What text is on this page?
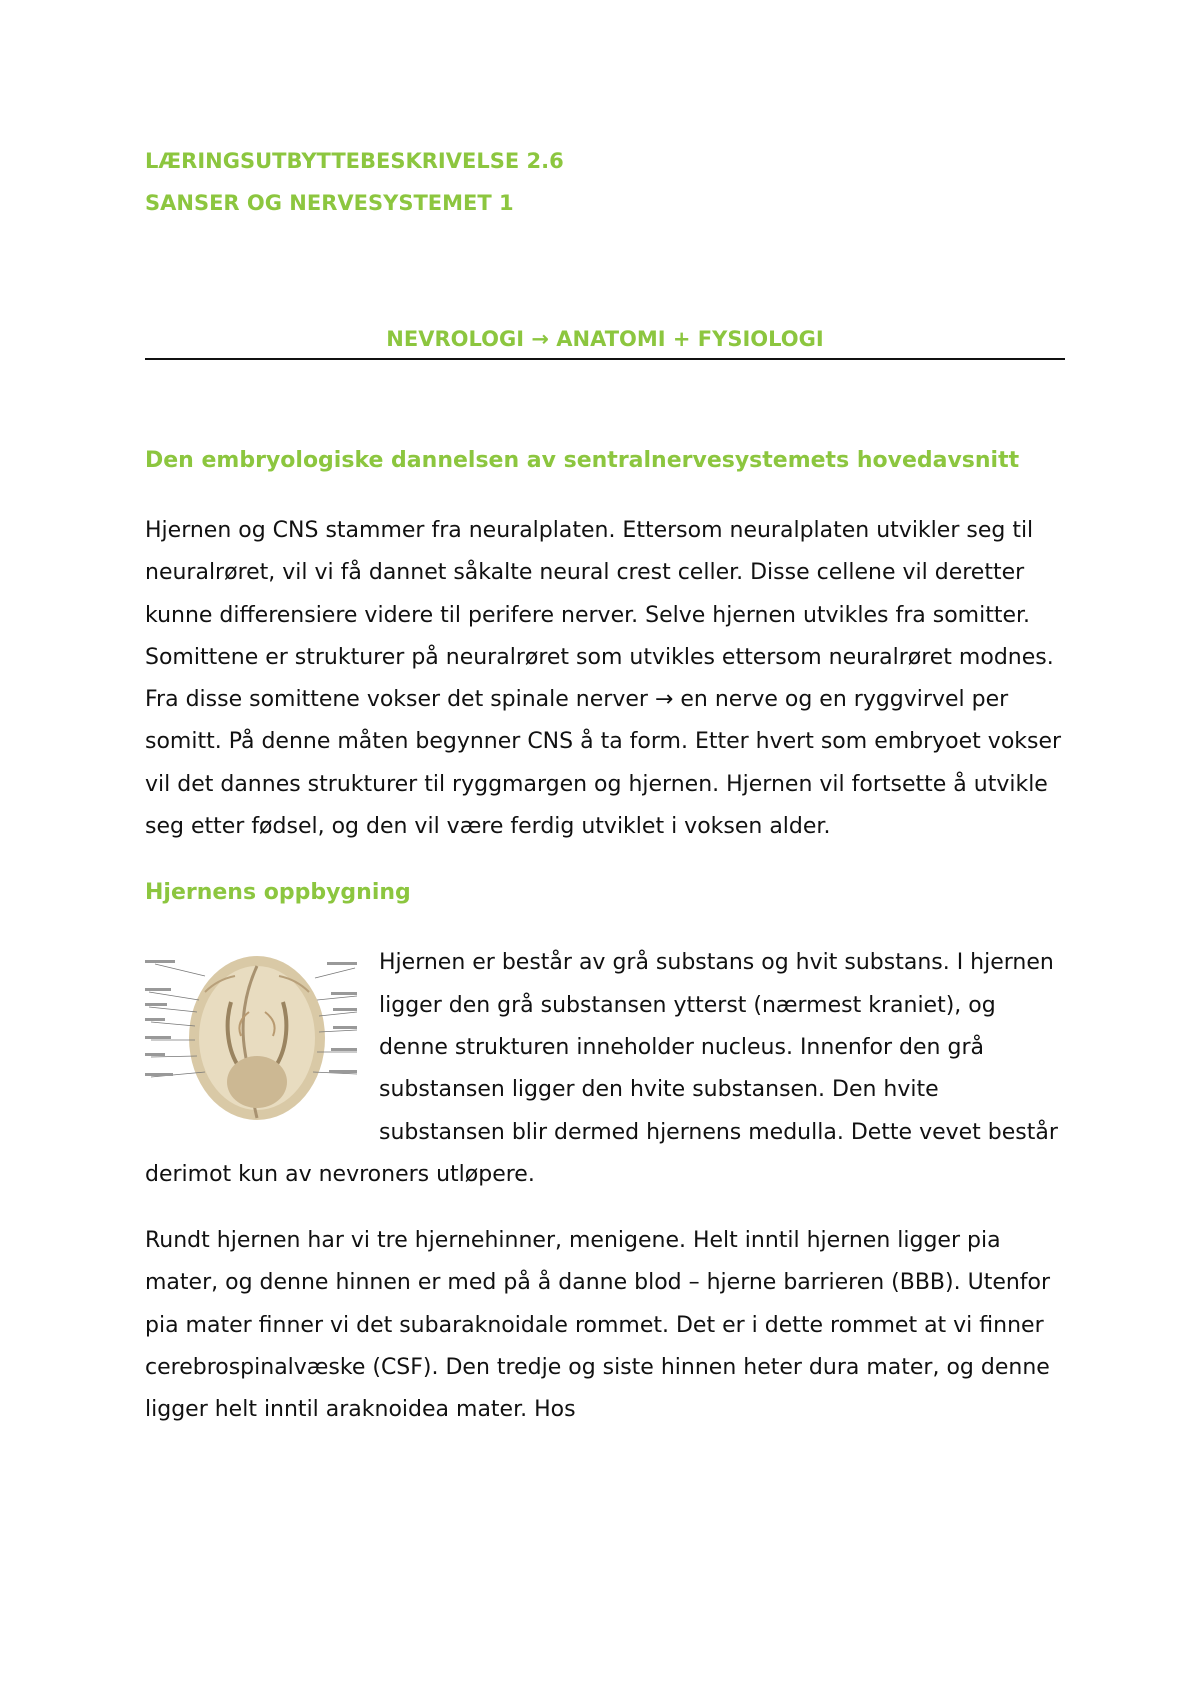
LÆRINGSUTBYTTEBESKRIVELSE 2.6

SANSER OG NERVESYSTEMET 1

NEVROLOGI → ANATOMI + FYSIOLOGI

Den embryologiske dannelsen av sentralnervesystemets hovedavsnitt

Hjernen og CNS stammer fra neuralplaten. Ettersom neuralplaten utvikler seg til neuralrøret, vil vi få dannet såkalte neural crest celler. Disse cellene vil deretter kunne differensiere videre til perifere nerver. Selve hjernen utvikles fra somitter. Somittene er strukturer på neuralrøret som utvikles ettersom neuralrøret modnes. Fra disse somittene vokser det spinale nerver → en nerve og en ryggvirvel per somitt. På denne måten begynner CNS å ta form. Etter hvert som embryoet vokser vil det dannes strukturer til ryggmargen og hjernen. Hjernen vil fortsette å utvikle seg etter fødsel, og den vil være ferdig utviklet i voksen alder.

Hjernens oppbygning

Hjernen er består av grå substans og hvit substans. I hjernen ligger den grå substansen ytterst (nærmest kraniet), og denne strukturen inneholder nucleus. Innenfor den grå substansen ligger den hvite substansen. Den hvite substansen blir dermed hjernens medulla. Dette vevet består derimot kun av nevroners utløpere.

Rundt hjernen har vi tre hjernehinner, menigene. Helt inntil hjernen ligger pia mater, og denne hinnen er med på å danne blod – hjerne barrieren (BBB). Utenfor pia mater finner vi det subaraknoidale rommet. Det er i dette rommet at vi finner cerebrospinalvæske (CSF). Den tredje og siste hinnen heter dura mater, og denne ligger helt inntil araknoidea mater. Hos
